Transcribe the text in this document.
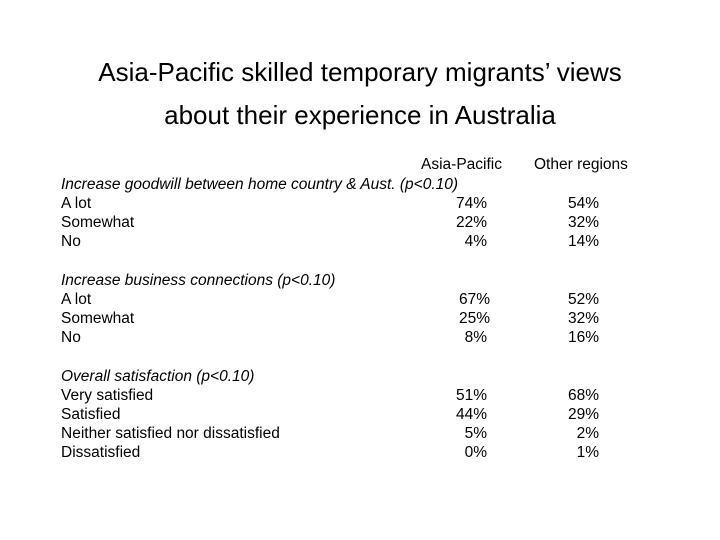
Asia-Pacific skilled temporary migrants’ views
about their experience in Australia
Asia-Pacific Other regions
Increase goodwill between home country & Aust. (p<0.10)
A lot	74%	54%
Somewhat	22%	32%
No	4%	14%
Increase business connections (p<0.10)
A lot	67%	52%
Somewhat	25%	32%
No	8%	16%
Overall satisfaction (p<0.10)
Very satisfied	51%	68%
Satisfied	44%	29%
Neither satisfied nor dissatisfied	5%	2%
Dissatisfied	0%	1%
